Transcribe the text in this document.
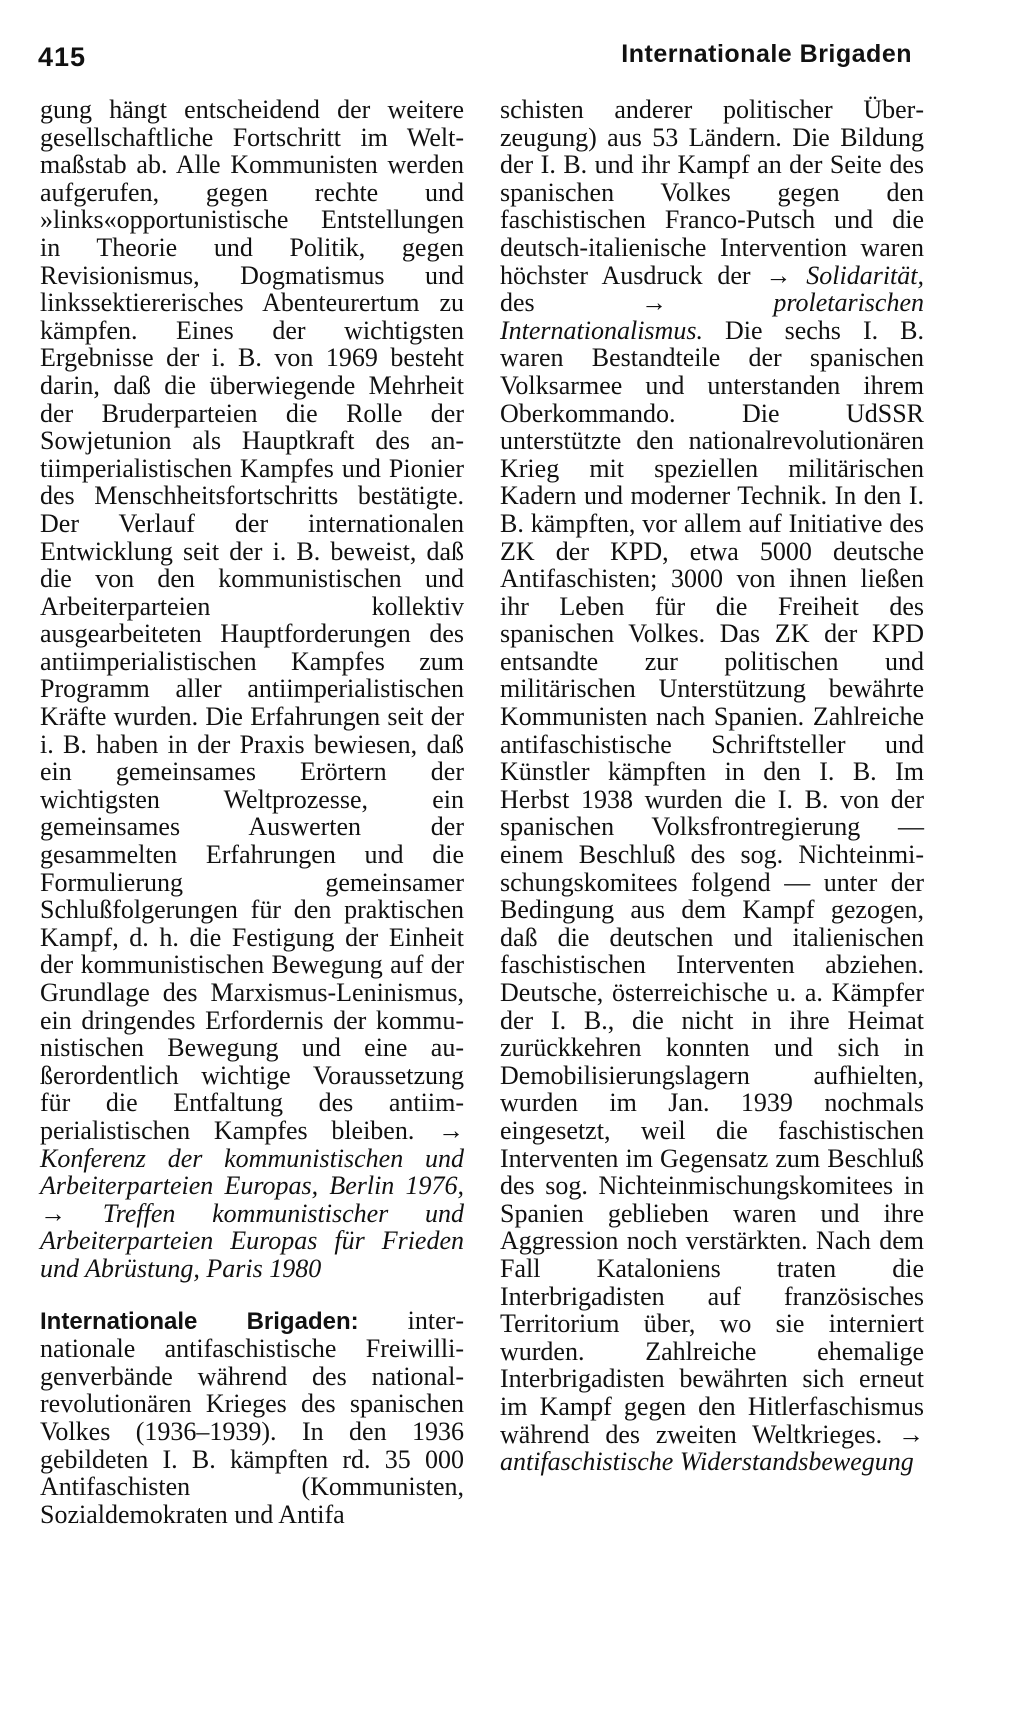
415	Internationale Brigaden

gung hängt entscheidend der weitere gesellschaftliche Fortschritt im Weltmaßstab ab. Alle Kommunisten werden aufgerufen, gegen rechte und »links«opportunistische Entstellungen in Theorie und Politik, gegen Revisionismus, Dogmatismus und linkssektiererisches Abenteurertum zu kämpfen. Eines der wichtigsten Ergebnisse der i. B. von 1969 besteht darin, daß die überwiegende Mehrheit der Bruderparteien die Rolle der Sowjetunion als Hauptkraft des antiimperialistischen Kampfes und Pionier des Menschheitsfortschritts bestätigte. Der Verlauf der internationalen Entwicklung seit der i. B. beweist, daß die von den kommunistischen und Arbeiterparteien kollektiv ausgearbeiteten Hauptforderungen des antiimperialistischen Kampfes zum Programm aller antiimperialistischen Kräfte wurden. Die Erfahrungen seit der i. B. haben in der Praxis bewiesen, daß ein gemeinsames Erörtern der wichtigsten Weltprozesse, ein gemeinsames Auswerten der gesammelten Erfahrungen und die Formulierung gemeinsamer Schlußfolgerungen für den praktischen Kampf, d. h. die Festigung der Einheit der kommunistischen Bewegung auf der Grundlage des Marxismus-Leninismus, ein dringendes Erfordernis der kommunistischen Bewegung und eine außerordentlich wichtige Voraussetzung für die Entfaltung des antiimperialistischen Kampfes bleiben. → Konferenz der kommunistischen und Arbeiterparteien Europas, Berlin 1976, → Treffen kommunistischer und Arbeiterparteien Europas für Frieden und Abrüstung, Paris 1980

Internationale Brigaden: internationale antifaschistische Freiwilligenverbände während des nationalrevolutionären Krieges des spanischen Volkes (1936–1939). In den 1936 gebildeten I. B. kämpften rd. 35 000 Antifaschisten (Kommunisten, Sozialdemokraten und Antifa

schisten anderer politischer Überzeugung) aus 53 Ländern. Die Bildung der I. B. und ihr Kampf an der Seite des spanischen Volkes gegen den faschistischen Franco-Putsch und die deutsch-italienische Intervention waren höchster Ausdruck der → Solidarität, des	→	proletarischen Internationalismus. Die sechs I. B. waren Bestandteile der spanischen Volksarmee und unterstanden ihrem Oberkommando. Die UdSSR unterstützte den nationalrevolutionären Krieg mit speziellen militärischen Kadern und moderner Technik. In den I. B. kämpften, vor allem auf Initiative des ZK der KPD, etwa 5000 deutsche Antifaschisten; 3000 von ihnen ließen ihr Leben für die Freiheit des spanischen Volkes. Das ZK der KPD entsandte zur politischen und militärischen Unterstützung bewährte Kommunisten nach Spanien. Zahlreiche antifaschistische Schriftsteller und Künstler kämpften in den I. B. Im Herbst 1938 wurden die I. B. von der spanischen Volksfrontregierung — einem Beschluß des sog. Nichteinmischungskomitees folgend — unter der Bedingung aus dem Kampf gezogen, daß die deutschen und italienischen faschistischen Interventen abziehen. Deutsche, österreichische u. a. Kämpfer der I. B., die nicht in ihre Heimat zurückkehren konnten und sich in Demobilisierungslagern aufhielten, wurden im Jan. 1939 nochmals eingesetzt, weil die faschistischen Interventen im Gegensatz zum Beschluß des sog. Nichteinmischungskomitees in Spanien geblieben waren und ihre Aggression noch verstärkten. Nach dem Fall Kataloniens traten die Interbrigadisten auf französisches Territorium über, wo sie interniert wurden. Zahlreiche ehemalige Interbrigadisten bewährten sich erneut im Kampf gegen den Hitlerfaschismus während des zweiten Weltkrieges. → antifaschistische Widerstandsbewegung
